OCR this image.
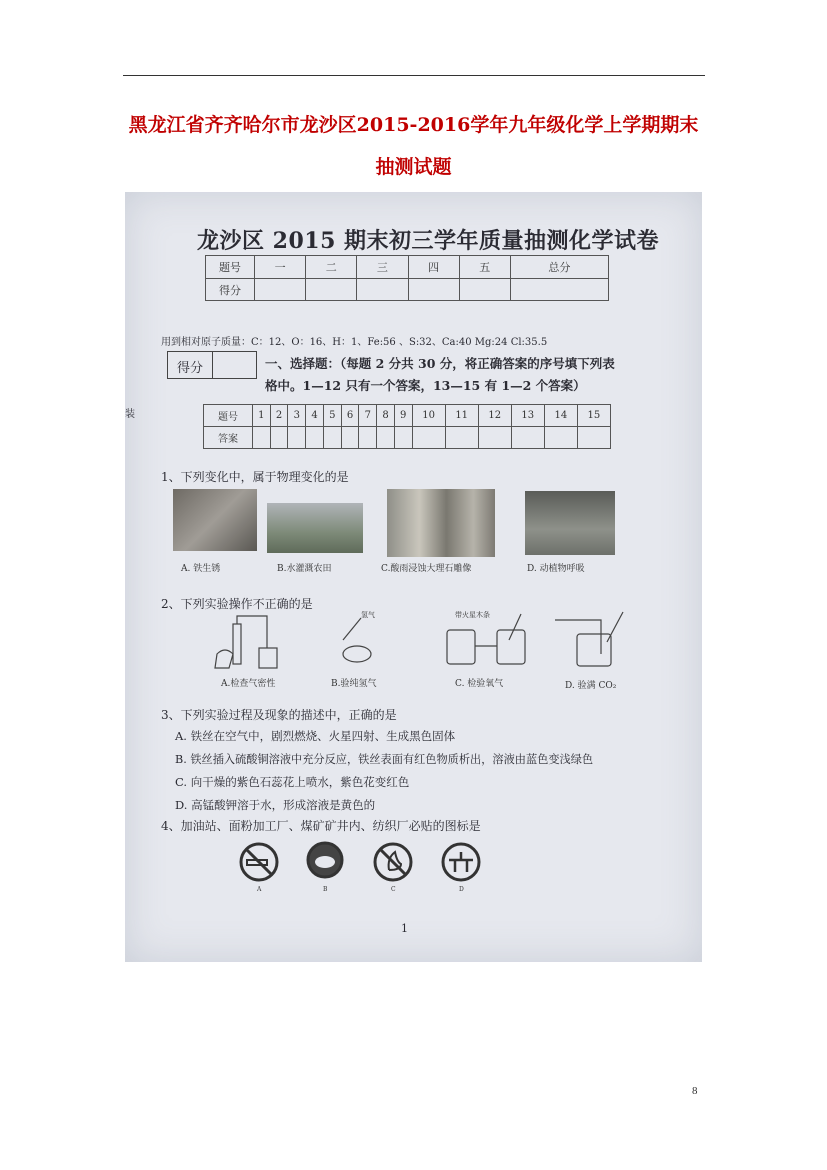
黑龙江省齐齐哈尔市龙沙区2015-2016学年九年级化学上学期期末
抽测试题
龙沙区 2015 期末初三学年质量抽测化学试卷
题号	一	二	三	四	五	总分
得分						
用到相对原子质量：C：12、O：16、H：1、Fe:56 、S:32、Ca:40 Mg:24 Cl:35.5
得分	一、选择题：（每题 2 分共 30 分，将正确答案的序号填下列表
格中。1—12 只有一个答案，13—15 有 1—2 个答案）
装	题号	1	2	3	4	5	6	7	8	9	10	11	12	13	14	15
答案															
1、下列变化中，属于物理变化的是
A. 铁生锈	B.水灌溉农田	C.酸雨浸蚀大理石雕像	D. 动植物呼吸
2、下列实验操作不正确的是
氢气	带火星木条
A.检查气密性	B.验纯氢气	C. 检验氧气	D. 验满 CO₂
3、下列实验过程及现象的描述中，正确的是
A. 铁丝在空气中，剧烈燃烧、火星四射、生成黑色固体
B. 铁丝插入硫酸铜溶液中充分反应，铁丝表面有红色物质析出，溶液由蓝色变浅绿色
C. 向干燥的紫色石蕊花上喷水，紫色花变红色
D. 高锰酸钾溶于水，形成溶液是黄色的
4、加油站、面粉加工厂、煤矿矿井内、纺织厂必贴的图标是
A	B	C	D
1
8
